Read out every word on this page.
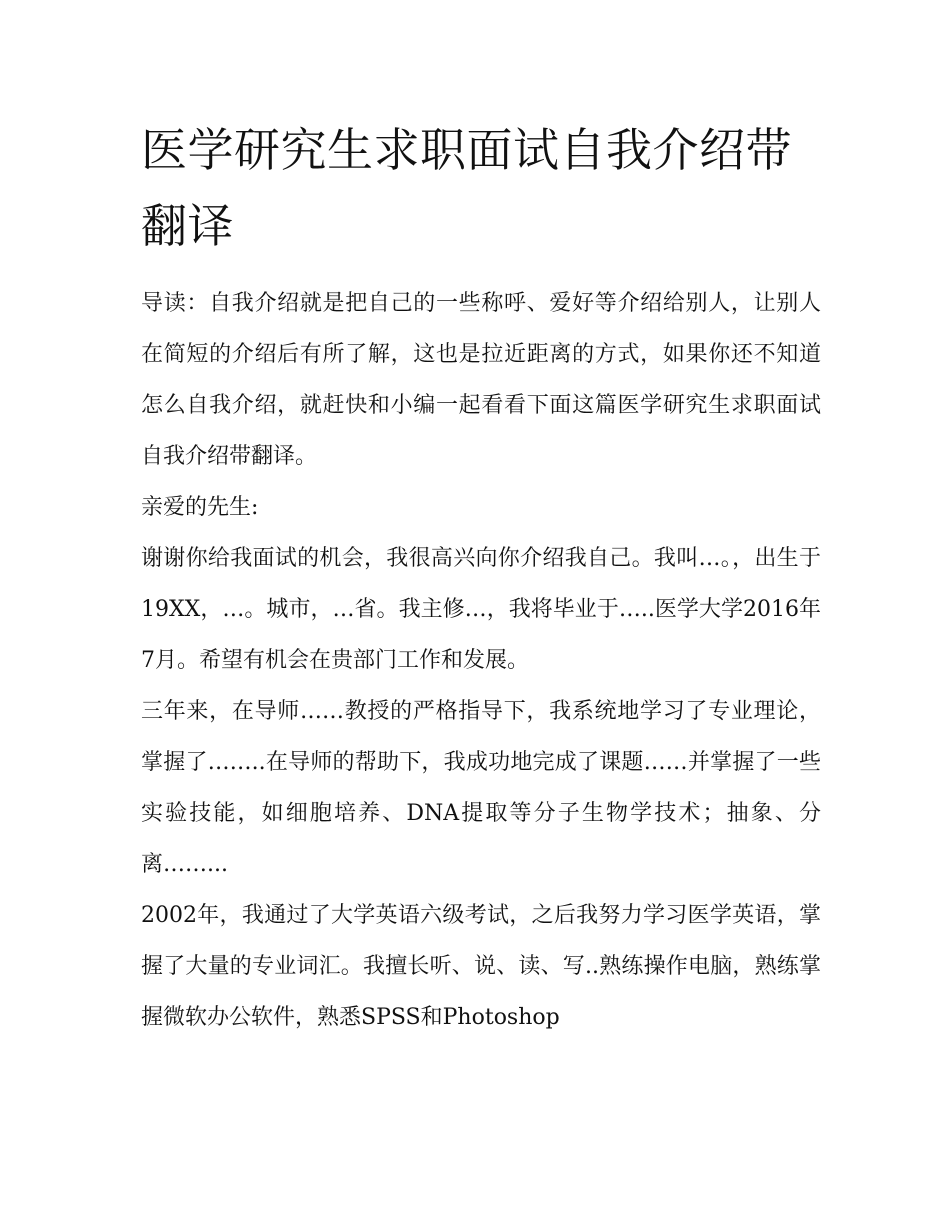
医学研究生求职面试自我介绍带翻译

导读：自我介绍就是把自己的一些称呼、爱好等介绍给别人，让别人在简短的介绍后有所了解，这也是拉近距离的方式，如果你还不知道怎么自我介绍，就赶快和小编一起看看下面这篇医学研究生求职面试自我介绍带翻译。

亲爱的先生:

谢谢你给我面试的机会，我很高兴向你介绍我自己。我叫…。，出生于19XX，…。城市，…省。我主修…，我将毕业于…..医学大学2016年7月。希望有机会在贵部门工作和发展。

三年来，在导师……教授的严格指导下，我系统地学习了专业理论，掌握了……..在导师的帮助下，我成功地完成了课题……并掌握了一些实验技能，如细胞培养、DNA提取等分子生物学技术；抽象、分离……...

2002年，我通过了大学英语六级考试，之后我努力学习医学英语，掌握了大量的专业词汇。我擅长听、说、读、写..熟练操作电脑，熟练掌握微软办公软件，熟悉SPSS和Photoshop
